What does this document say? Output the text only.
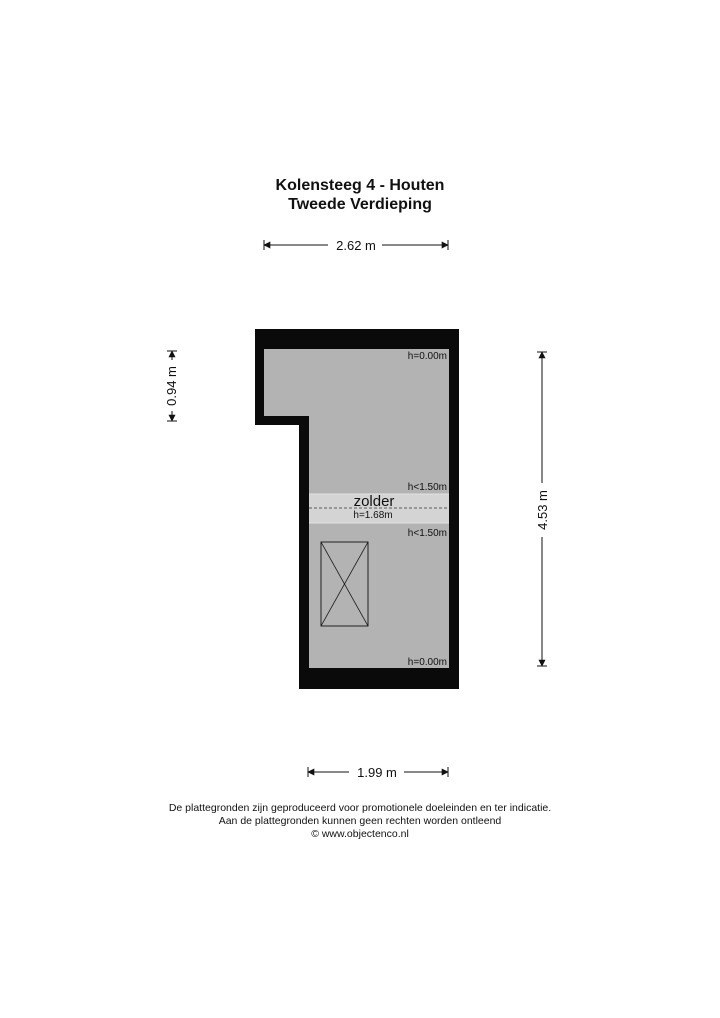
Kolensteeg 4 - Houten
Tweede Verdieping
2.62 m
0.94 m
4.53 m
zolder
h=1.68m
h=0.00m
h<1.50m
h<1.50m
h=0.00m
1.99 m
De plattegronden zijn geproduceerd voor promotionele doeleinden en ter indicatie.
Aan de plattegronden kunnen geen rechten worden ontleend
© www.objectenco.nl
